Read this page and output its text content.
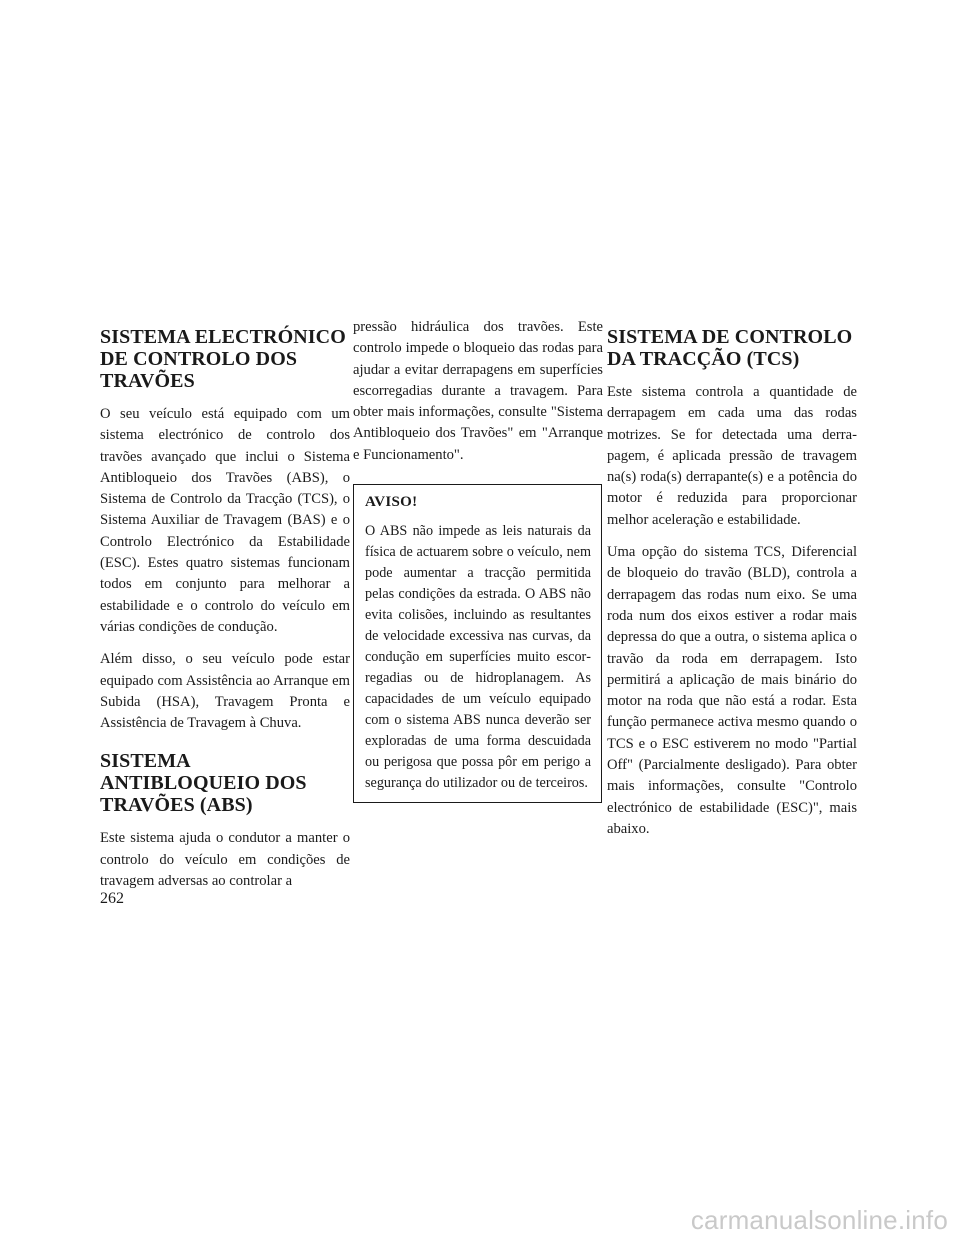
SISTEMA ELECTRÓNICO DE CONTROLO DOS TRAVÕES

O seu veículo está equipado com um sistema electrónico de controlo dos travões avançado que inclui o Sistema Antibloqueio dos Travões (ABS), o Sistema de Controlo da Tracção (TCS), o Sistema Auxiliar de Travagem (BAS) e o Controlo Electrónico da Estabilidade (ESC). Estes quatro sistemas funcionam todos em conjunto para melhorar a estabilidade e o controlo do veículo em várias condições de condução.

Além disso, o seu veículo pode estar equipado com Assistência ao Arranque em Subida (HSA), Travagem Pronta e Assistência de Travagem à Chuva.

SISTEMA ANTIBLOQUEIO DOS TRAVÕES (ABS)

Este sistema ajuda o condutor a manter o controlo do veículo em condições de travagem adversas ao controlar a

pressão hidráulica dos travões. Este controlo impede o bloqueio das rodas para ajudar a evitar derrapagens em superfícies escorregadias durante a travagem. Para obter mais informações, consulte "Sistema Antibloqueio dos Travões" em "Arranque e Funcionamento".

AVISO!

O ABS não impede as leis naturais da física de actuarem sobre o veículo, nem pode aumentar a tracção permitida pelas condições da estrada. O ABS não evita colisões, incluindo as resultantes de velocidade excessiva nas curvas, da condução em superfícies muito escorregadias ou de hidroplanagem. As capacidades de um veículo equipado com o sistema ABS nunca deverão ser exploradas de uma forma descuidada ou perigosa que possa pôr em perigo a segurança do utilizador ou de terceiros.

SISTEMA DE CONTROLO DA TRACÇÃO (TCS)

Este sistema controla a quantidade de derrapagem em cada uma das rodas motrizes. Se for detectada uma derrapagem, é aplicada pressão de travagem na(s) roda(s) derrapante(s) e a potência do motor é reduzida para proporcionar melhor aceleração e estabilidade.

Uma opção do sistema TCS, Diferencial de bloqueio do travão (BLD), controla a derrapagem das rodas num eixo. Se uma roda num dos eixos estiver a rodar mais depressa do que a outra, o sistema aplica o travão da roda em derrapagem. Isto permitirá a aplicação de mais binário do motor na roda que não está a rodar. Esta função permanece activa mesmo quando o TCS e o ESC estiverem no modo "Partial Off" (Parcialmente desligado). Para obter mais informações, consulte "Controlo electrónico de estabilidade (ESC)", mais abaixo.

262
carmanualsonline.info
